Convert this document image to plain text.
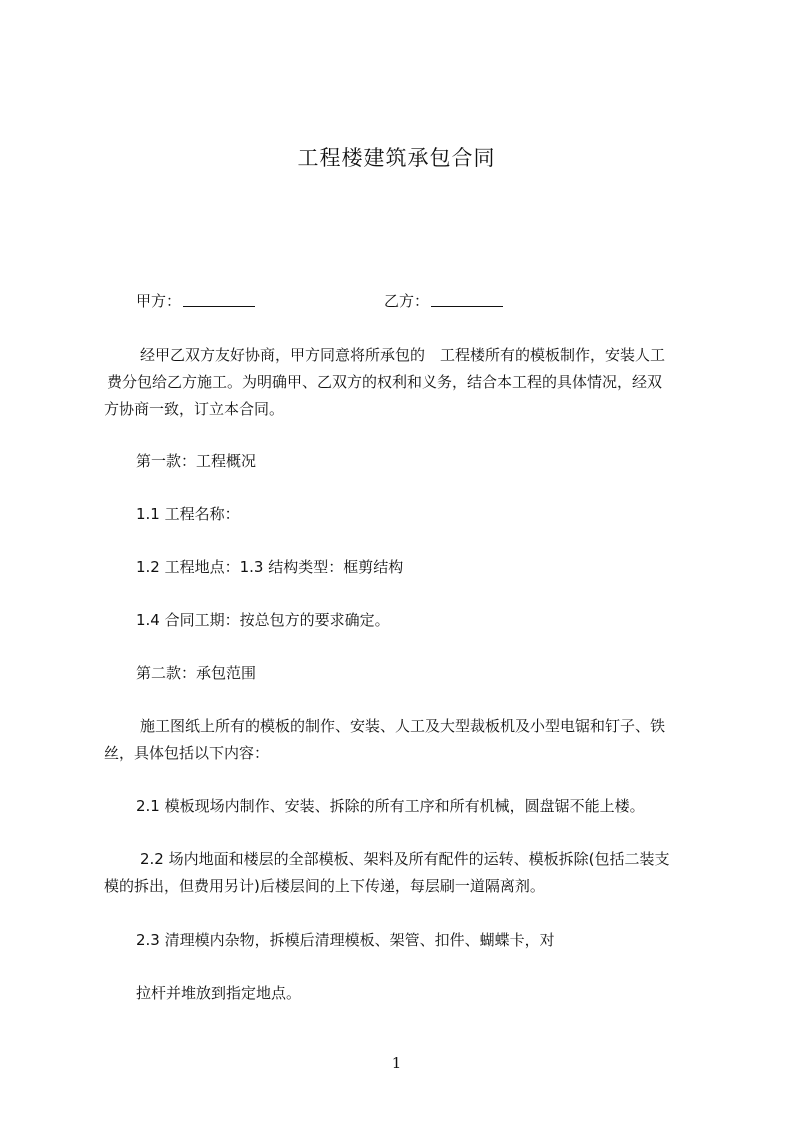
工程楼建筑承包合同
甲方：	乙方：
经甲乙双方友好协商，甲方同意将所承包的　工程楼所有的模板制作，安装人工
费分包给乙方施工。为明确甲、乙双方的权利和义务，结合本工程的具体情况，经双
方协商一致，订立本合同。
第一款：工程概况
1.1 工程名称：
1.2 工程地点：1.3 结构类型：框剪结构
1.4 合同工期：按总包方的要求确定。
第二款：承包范围
施工图纸上所有的模板的制作、安装、人工及大型裁板机及小型电锯和钉子、铁
丝，具体包括以下内容：
2.1 模板现场内制作、安装、拆除的所有工序和所有机械，圆盘锯不能上楼。
2.2 场内地面和楼层的全部模板、架料及所有配件的运转、模板拆除(包括二装支
模的拆出，但费用另计)后楼层间的上下传递，每层刷一道隔离剂。
2.3 清理模内杂物，拆模后清理模板、架管、扣件、蝴蝶卡，对
拉杆并堆放到指定地点。
1
